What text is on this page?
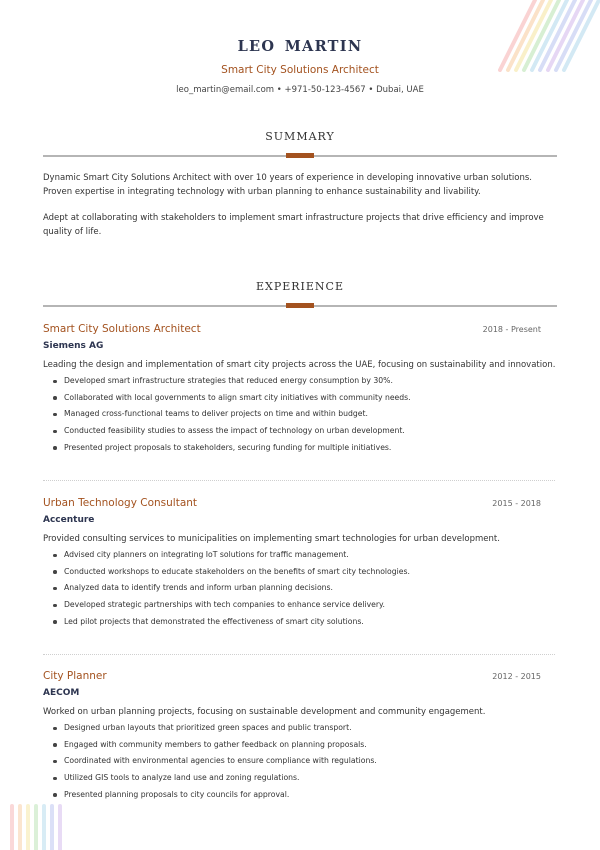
LEO MARTIN
Smart City Solutions Architect
leo_martin@email.com • +971-50-123-4567 • Dubai, UAE
SUMMARY

Dynamic Smart City Solutions Architect with over 10 years of experience in developing innovative urban solutions. Proven expertise in integrating technology with urban planning to enhance sustainability and livability.

Adept at collaborating with stakeholders to implement smart infrastructure projects that drive efficiency and improve quality of life.

EXPERIENCE
Smart City Solutions Architect	2018 - Present
Siemens AG
Leading the design and implementation of smart city projects across the UAE, focusing on sustainability and innovation.
Developed smart infrastructure strategies that reduced energy consumption by 30%.
Collaborated with local governments to align smart city initiatives with community needs.
Managed cross-functional teams to deliver projects on time and within budget.
Conducted feasibility studies to assess the impact of technology on urban development.
Presented project proposals to stakeholders, securing funding for multiple initiatives.
Urban Technology Consultant	2015 - 2018
Accenture
Provided consulting services to municipalities on implementing smart technologies for urban development.
Advised city planners on integrating IoT solutions for traffic management.
Conducted workshops to educate stakeholders on the benefits of smart city technologies.
Analyzed data to identify trends and inform urban planning decisions.
Developed strategic partnerships with tech companies to enhance service delivery.
Led pilot projects that demonstrated the effectiveness of smart city solutions.
City Planner	2012 - 2015
AECOM
Worked on urban planning projects, focusing on sustainable development and community engagement.
Designed urban layouts that prioritized green spaces and public transport.
Engaged with community members to gather feedback on planning proposals.
Coordinated with environmental agencies to ensure compliance with regulations.
Utilized GIS tools to analyze land use and zoning regulations.
Presented planning proposals to city councils for approval.
